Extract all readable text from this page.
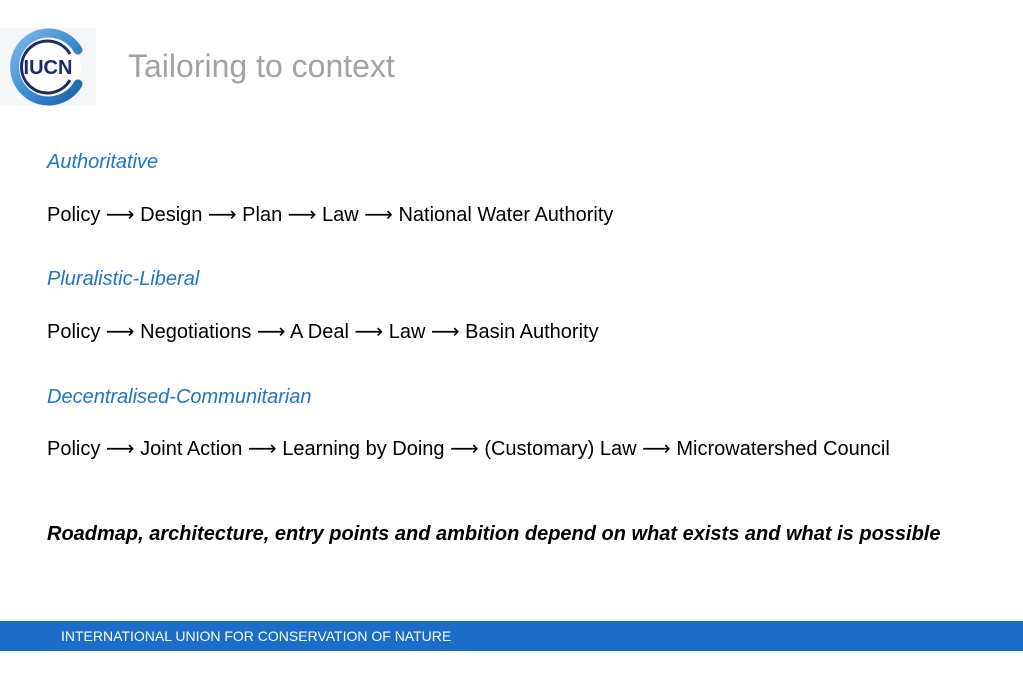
IUCN Tailoring to context
Authoritative
Policy ⟶ Design ⟶ Plan ⟶ Law ⟶ National Water Authority
Pluralistic-Liberal
Policy ⟶ Negotiations ⟶ A Deal ⟶ Law ⟶ Basin Authority
Decentralised-Communitarian
Policy ⟶ Joint Action ⟶ Learning by Doing ⟶ (Customary) Law ⟶ Microwatershed Council
Roadmap, architecture, entry points and ambition depend on what exists and what is possible
INTERNATIONAL UNION FOR CONSERVATION OF NATURE
